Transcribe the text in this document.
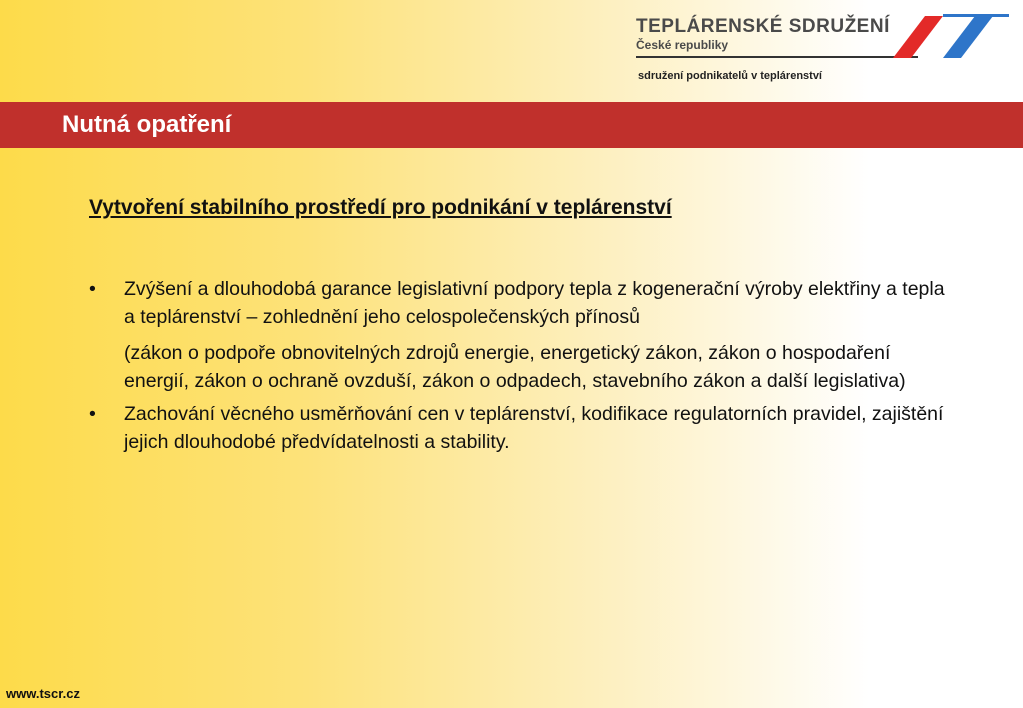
TEPLÁRENSKÉ SDRUŽENÍ
České republiky
sdružení podnikatelů v teplárenství
Nutná opatření
Vytvoření stabilního prostředí pro podnikání v teplárenství
• Zvýšení a dlouhodobá garance legislativní podpory tepla z kogenerační výroby elektřiny a tepla a teplárenství – zohlednění jeho celospolečenských přínosů
(zákon o podpoře obnovitelných zdrojů energie, energetický zákon, zákon o hospodaření energií, zákon o ochraně ovzduší, zákon o odpadech, stavebního zákon a další legislativa)
• Zachování věcného usměrňování cen v teplárenství, kodifikace regulatorních pravidel, zajištění jejich dlouhodobé předvídatelnosti a stability.
www.tscr.cz
